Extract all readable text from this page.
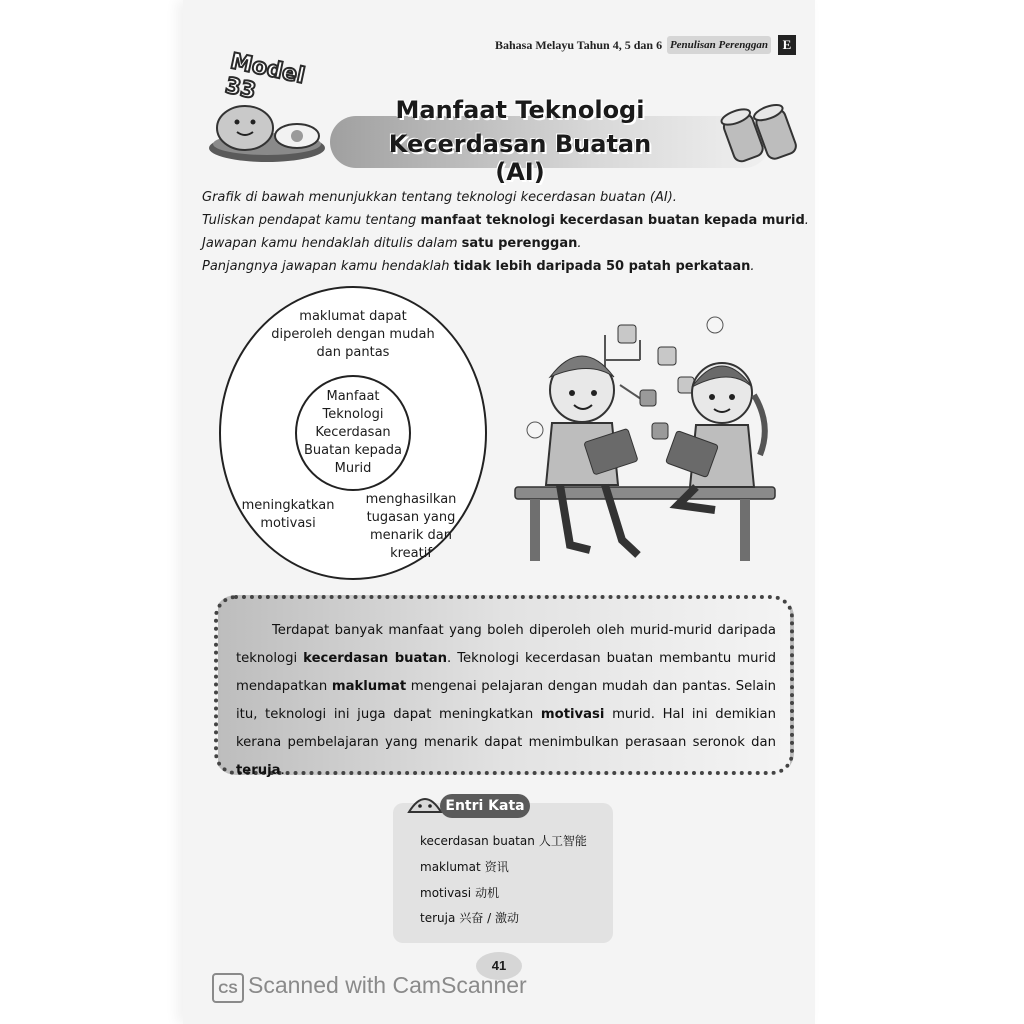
Bahasa Melayu Tahun 4, 5 dan 6 Penulisan Perenggan	E
Model 33
Manfaat Teknologi
Kecerdasan Buatan (AI)
Grafik di bawah menunjukkan tentang teknologi kecerdasan buatan (AI).
Tuliskan pendapat kamu tentang manfaat teknologi kecerdasan buatan kepada murid.
Jawapan kamu hendaklah ditulis dalam satu perenggan.
Panjangnya jawapan kamu hendaklah tidak lebih daripada 50 patah perkataan.
maklumat dapat
diperoleh dengan mudah
dan pantas
Manfaat
Teknologi
Kecerdasan
Buatan kepada
Murid
meningkatkan
motivasi
menghasilkan
tugasan yang
menarik dan
kreatif
Terdapat banyak manfaat yang boleh diperoleh oleh murid-murid daripada teknologi kecerdasan buatan. Teknologi kecerdasan buatan membantu murid mendapatkan maklumat mengenai pelajaran dengan mudah dan pantas. Selain itu, teknologi ini juga dapat meningkatkan motivasi murid. Hal ini demikian kerana pembelajaran yang menarik dapat menimbulkan perasaan seronok dan teruja.
Entri Kata
kecerdasan buatan 人工智能
maklumat 资讯
motivasi 动机
teruja 兴奋 / 激动
41
CS Scanned with CamScanner
